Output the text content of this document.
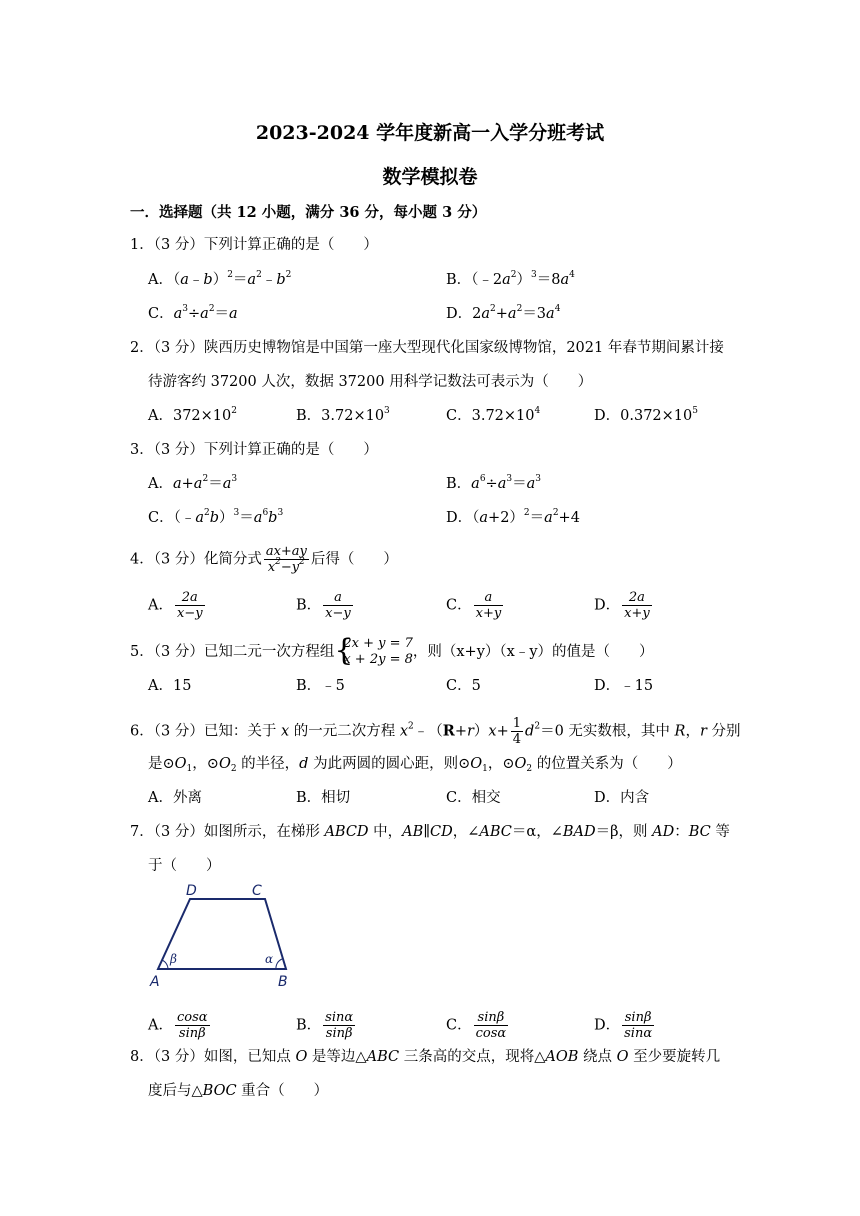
2023-2024 学年度新高一入学分班考试
数学模拟卷
一．选择题（共 12 小题，满分 36 分，每小题 3 分）
1．（3 分）下列计算正确的是（　　）
A．$(a﹣b)^2=a^2﹣b^2$	B．$(﹣2a^2)^3=8a^4$
C．$a^3\div a^2=a$	D．$2a^2+a^2=3a^4$
2．（3 分）陕西历史博物馆是中国第一座大型现代化国家级博物馆，2021 年春节期间累计接
待游客约 37200 人次，数据 37200 用科学记数法可表示为（　　）
A．$372\times 10^2$	B．$3.72\times 10^3$	C．$3.72\times 10^4$	D．$0.372\times 10^5$
3．（3 分）下列计算正确的是（　　）
A．$a+a^2=a^3$	B．$a^6\div a^3=a^3$
C．$(﹣a^2b)^3=a^6b^3$	D．$(a+2)^2=a^2+4$
4．（3 分）化简分式 $\frac{ax+ay}{x^2-y^2}$ 后得（　　）
A． $\frac{2a}{x-y}$	B． $\frac{a}{x-y}$	C． $\frac{a}{x+y}$	D． $\frac{2a}{x+y}$
5．（3 分）已知二元一次方程组 {
2x + y = 7
x + 2y = 8 ，则（x+y）（x﹣y）的值是（　　）
A．15	B．﹣5	C．5	D．﹣15
6．（3 分）已知：关于 x 的一元二次方程 $x^2﹣(R+r)x+ \frac{1}{4} d^2=0$ 无实数根，其中 R，r 分别
是$⊙O_1$，$⊙O_2$ 的半径，d 为此两圆的圆心距，则$⊙O_1$，$⊙O_2$ 的位置关系为（　　）
A．外离	B．相切	C．相交	D．内含
7．（3 分）如图所示，在梯形 ABCD 中，AB∥CD，∠ABC＝α，∠BAD＝β，则 AD：BC 等
于（　　）
D	C
A	B
β	α
A． $\frac{\cos\alpha}{\sin\beta}$	B． $\frac{\sin\alpha}{\sin\beta}$	C． $\frac{\sin\beta}{\cos\alpha}$	D． $\frac{\sin\beta}{\sin\alpha}$
8．（3 分）如图，已知点 O 是等边△ABC 三条高的交点，现将△AOB 绕点 O 至少要旋转几
度后与△BOC 重合（　　）
